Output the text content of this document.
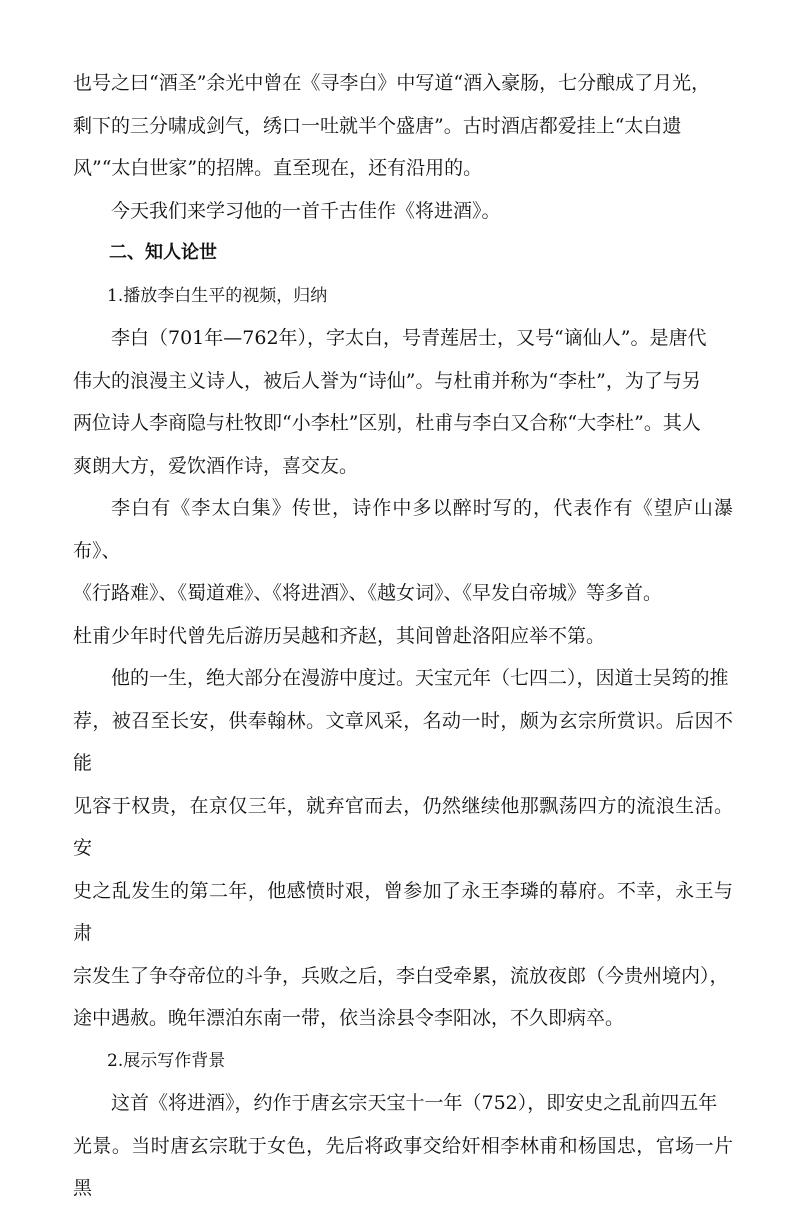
也号之曰“酒圣”余光中曾在《寻李白》中写道“酒入豪肠，七分酿成了月光，
剩下的三分啸成剑气，绣口一吐就半个盛唐”。古时酒店都爱挂上“太白遗
风”“太白世家”的招牌。直至现在，还有沿用的。

今天我们来学习他的一首千古佳作《将进酒》。

二、知人论世

1.播放李白生平的视频，归纳

李白（701年—762年），字太白，号青莲居士，又号“谪仙人”。是唐代
伟大的浪漫主义诗人，被后人誉为“诗仙”。与杜甫并称为“李杜”，为了与另
两位诗人李商隐与杜牧即“小李杜”区别，杜甫与李白又合称“大李杜”。其人
爽朗大方，爱饮酒作诗，喜交友。
李白有《李太白集》传世，诗作中多以醉时写的，代表作有《望庐山瀑布》、
《行路难》、《蜀道难》、《将进酒》、《越女词》、《早发白帝城》等多首。
杜甫少年时代曾先后游历吴越和齐赵，其间曾赴洛阳应举不第。
他的一生，绝大部分在漫游中度过。天宝元年（七四二），因道士吴筠的推
荐，被召至长安，供奉翰林。文章风采，名动一时，颇为玄宗所赏识。后因不能
见容于权贵，在京仅三年，就弃官而去，仍然继续他那飘荡四方的流浪生活。安
史之乱发生的第二年，他感愤时艰，曾参加了永王李璘的幕府。不幸，永王与肃
宗发生了争夺帝位的斗争，兵败之后，李白受牵累，流放夜郎（今贵州境内），
途中遇赦。晚年漂泊东南一带，依当涂县令李阳冰，不久即病卒。

2.展示写作背景

这首《将进酒》，约作于唐玄宗天宝十一年（752），即安史之乱前四五年
光景。当时唐玄宗耽于女色，先后将政事交给奸相李林甫和杨国忠，官场一片黑
